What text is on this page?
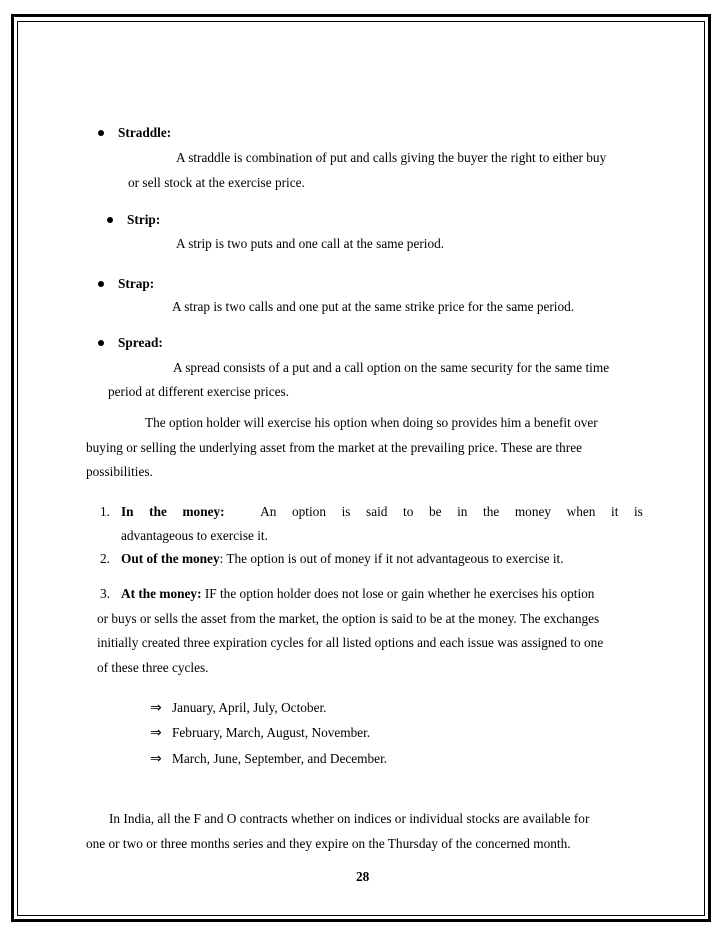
Straddle:
A straddle is combination of put and calls giving the buyer the right to either buy
or sell stock at the exercise price.
Strip:
A strip is two puts and one call at the same period.
Strap:
A strap is two calls and one put at the same strike price for the same period.
Spread:
A spread consists of a put and a call option on the same security for the same time
period at different exercise prices.
The option holder will exercise his option when doing so provides him a benefit over
buying or selling the underlying asset from the market at the prevailing price. These are three
possibilities.
1. In the money:	An option is said to be in the money when it is
advantageous to exercise it.
2. Out of the money: The option is out of money if it not advantageous to exercise it.
3. At the money: IF the option holder does not lose or gain whether he exercises his option
or buys or sells the asset from the market, the option is said to be at the money. The exchanges
initially created three expiration cycles for all listed options and each issue was assigned to one
of these three cycles.
⇒ January, April, July, October.
⇒ February, March, August, November.
⇒ March, June, September, and December.
In India, all the F and O contracts whether on indices or individual stocks are available for
one or two or three months series and they expire on the Thursday of the concerned month.
28
